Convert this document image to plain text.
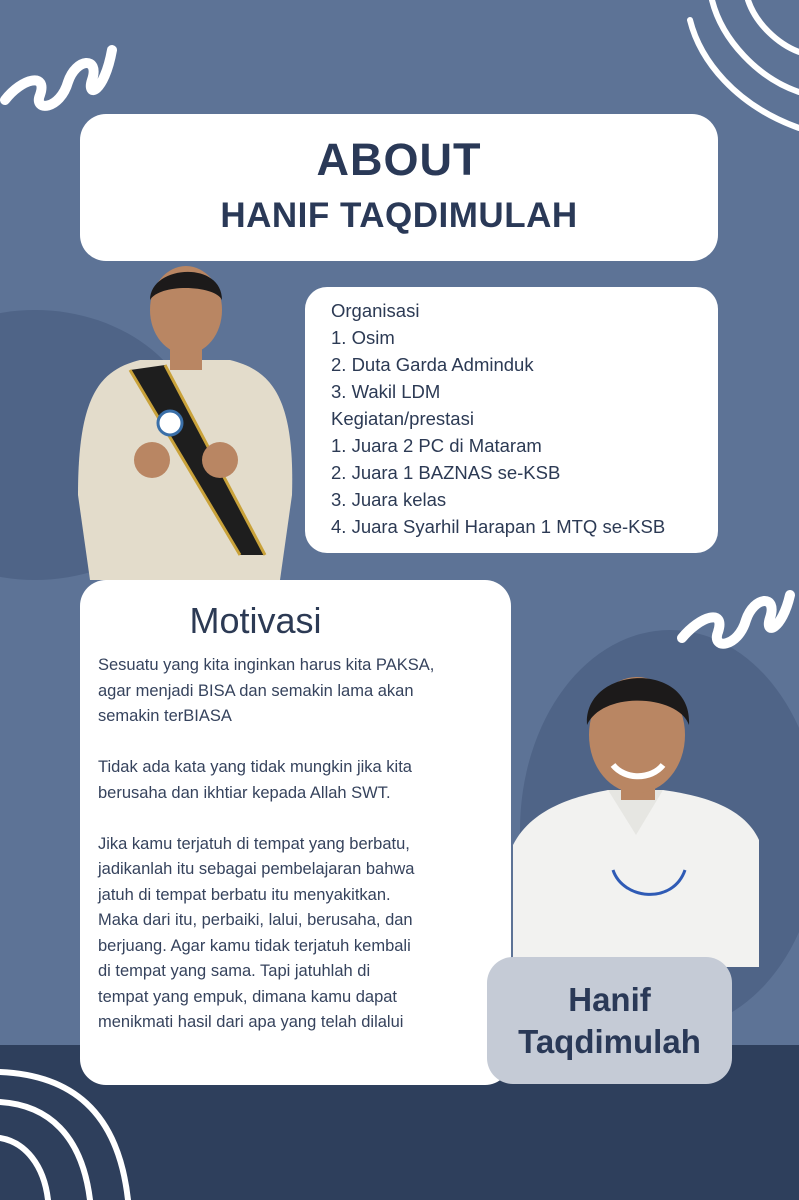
ABOUT
HANIF TAQDIMULAH
Organisasi
1. Osim
2. Duta Garda Adminduk
3. Wakil LDM
Kegiatan/prestasi
1. Juara 2 PC di Mataram
2. Juara 1 BAZNAS se-KSB
3. Juara kelas
4. Juara Syarhil Harapan 1 MTQ se-KSB
Motivasi
Sesuatu yang kita inginkan harus kita PAKSA,
agar menjadi BISA dan semakin lama akan
semakin terBIASA
Tidak ada kata yang tidak mungkin jika kita
berusaha dan ikhtiar kepada Allah SWT.
Jika kamu terjatuh di tempat yang berbatu,
jadikanlah itu sebagai pembelajaran bahwa
jatuh di tempat berbatu itu menyakitkan.
Maka dari itu, perbaiki, lalui, berusaha, dan
berjuang. Agar kamu tidak terjatuh kembali
di tempat yang sama. Tapi jatuhlah di
tempat yang empuk, dimana kamu dapat
menikmati hasil dari apa yang telah dilalui
Hanif
Taqdimulah
